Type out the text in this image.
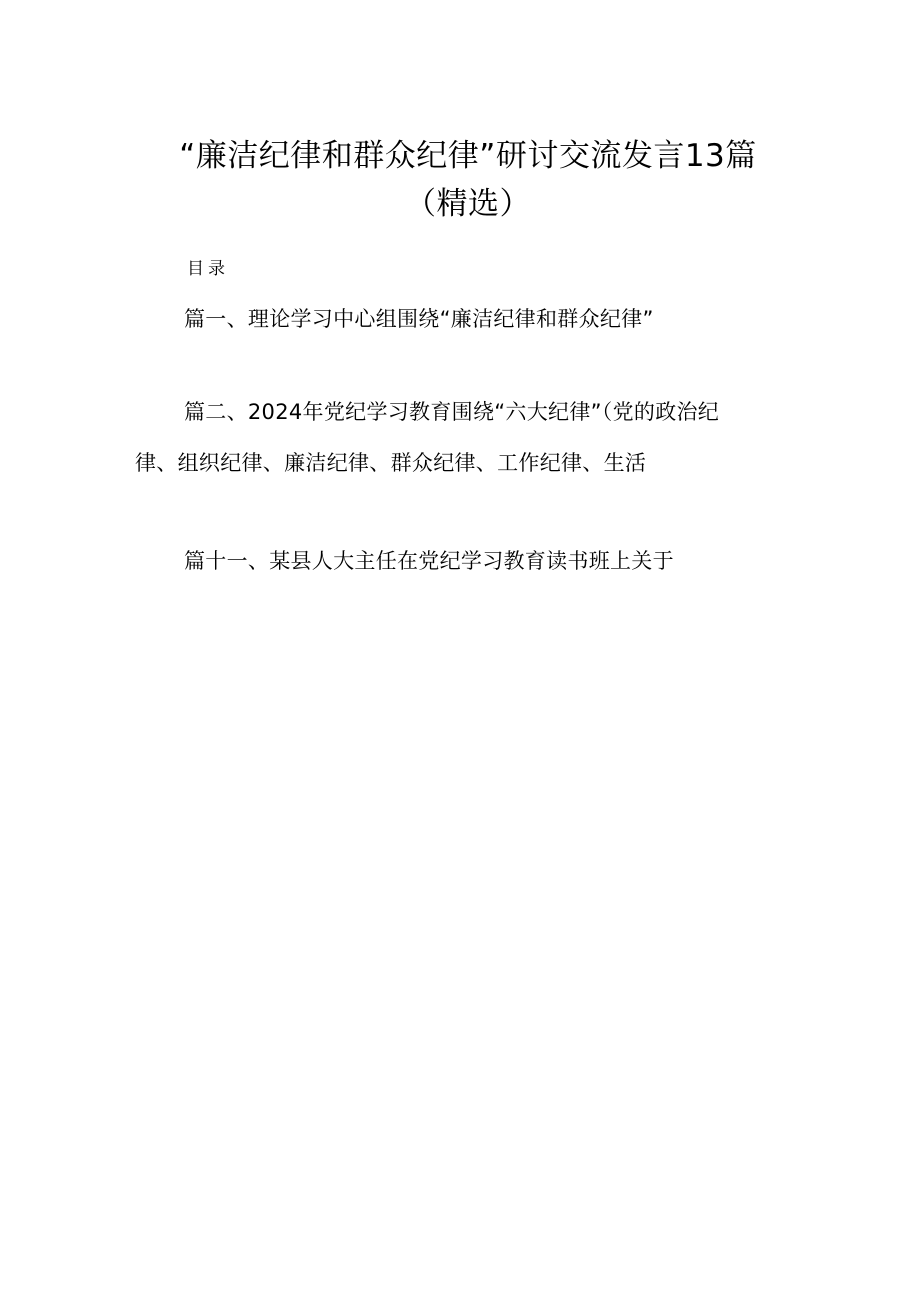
“廉洁纪律和群众纪律”研讨交流发言13篇
（精选）
目录
篇一、理论学习中心组围绕“廉洁纪律和群众纪律”
篇二、2024年党纪学习教育围绕“六大纪律”（党的政治纪
律、组织纪律、廉洁纪律、群众纪律、工作纪律、生活
篇十一、某县人大主任在党纪学习教育读书班上关于
